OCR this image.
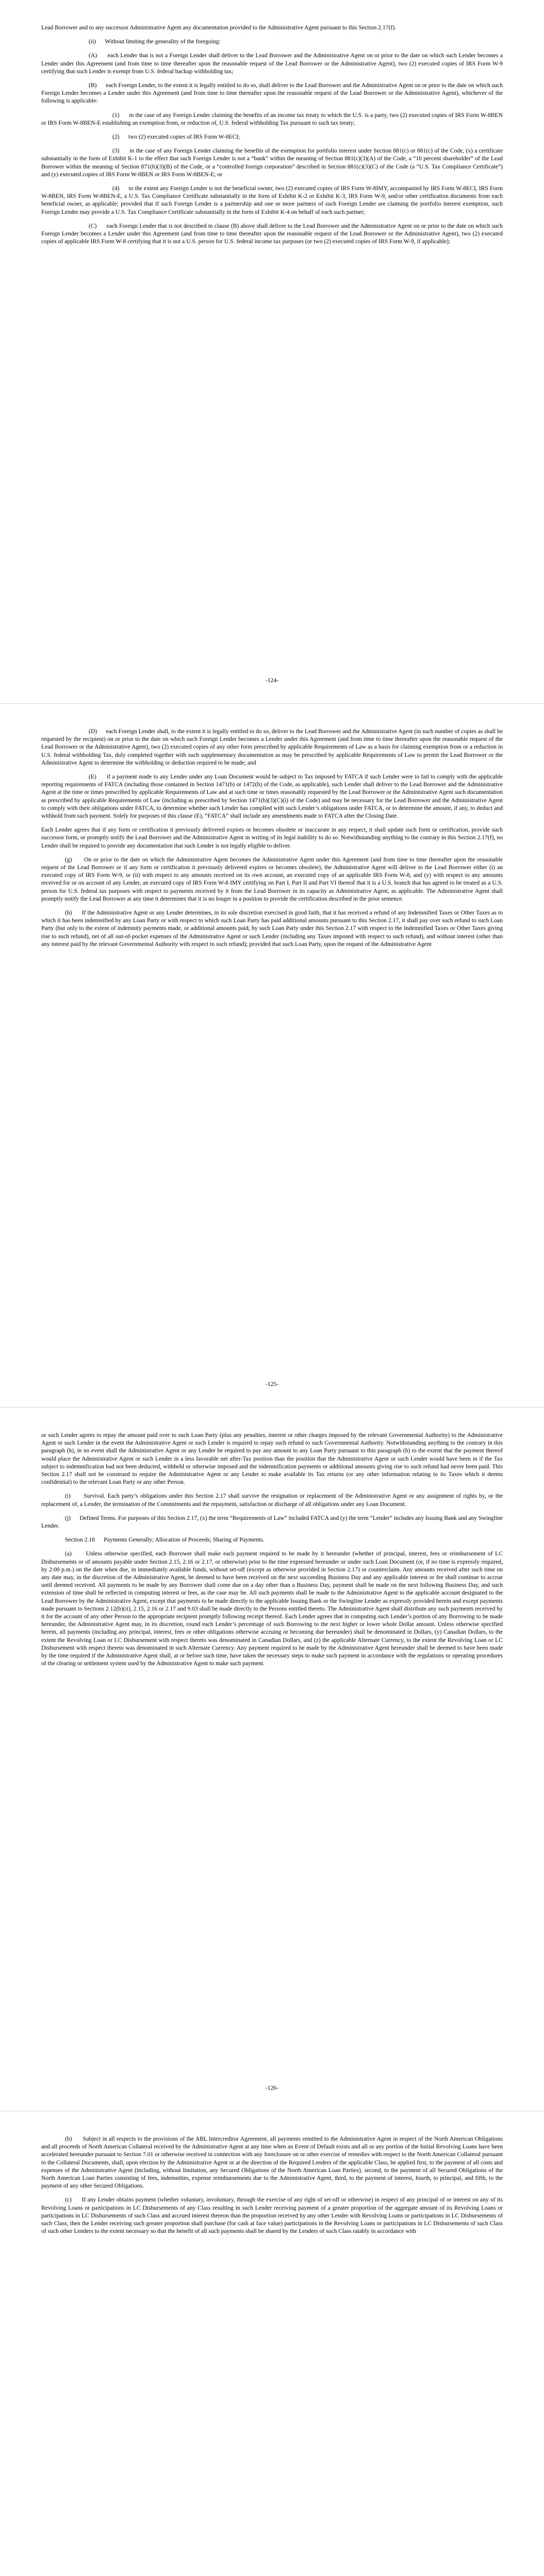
Lead Borrower and to any successor Administrative Agent any documentation provided to the Administrative Agent pursuant to this Section 2.17(f).

(ii)      Without limiting the generality of the foregoing:

(A)      each Lender that is not a Foreign Lender shall deliver to the Lead Borrower and the Administrative Agent on or prior to the date on which such Lender becomes a Lender under this Agreement (and from time to time thereafter upon the reasonable request of the Lead Borrower or the Administrative Agent), two (2) executed copies of IRS Form W-9 certifying that such Lender is exempt from U.S. federal backup withholding tax;

(B)      each Foreign Lender, to the extent it is legally entitled to do so, shall deliver to the Lead Borrower and the Administrative Agent on or prior to the date on which such Foreign Lender becomes a Lender under this Agreement (and from time to time thereafter upon the reasonable request of the Lead Borrower or the Administrative Agent), whichever of the following is applicable:

(1)      in the case of any Foreign Lender claiming the benefits of an income tax treaty to which the U.S. is a party, two (2) executed copies of IRS Form W-8BEN or IRS Form W-8BEN-E establishing an exemption from, or reduction of, U.S. federal withholding Tax pursuant to such tax treaty;

(2)      two (2) executed copies of IRS Form W-8ECI;

(3)      in the case of any Foreign Lender claiming the benefits of the exemption for portfolio interest under Section 881(c) or 881(c) of the Code, (x) a certificate substantially in the form of Exhibit K-1 to the effect that such Foreign Lender is not a “bank” within the meaning of Section 881(c)(3)(A) of the Code, a “10 percent shareholder” of the Lead Borrower within the meaning of Section 871(h)(3)(B) of the Code, or a “controlled foreign corporation” described in Section 881(c)(3)(C) of the Code (a “U.S. Tax Compliance Certificate”) and (y) executed copies of IRS Form W-8BEN or IRS Form W-8BEN-E; or

(4)      to the extent any Foreign Lender is not the beneficial owner, two (2) executed copies of IRS Form W-8IMY, accompanied by IRS Form W-8ECI, IRS Form W-8BEN, IRS Form W-8BEN-E, a U.S. Tax Compliance Certificate substantially in the form of Exhibit K-2 or Exhibit K-3, IRS Form W-9, and/or other certification documents from each beneficial owner, as applicable; provided that if such Foreign Lender is a partnership and one or more partners of such Foreign Lender are claiming the portfolio interest exemption, such Foreign Lender may provide a U.S. Tax Compliance Certificate substantially in the form of Exhibit K-4 on behalf of each such partner;

(C)      each Foreign Lender that is not described in clause (B) above shall deliver to the Lead Borrower and the Administrative Agent on or prior to the date on which such Foreign Lender becomes a Lender under this Agreement (and from time to time thereafter upon the reasonable request of the Lead Borrower or the Administrative Agent), two (2) executed copies of applicable IRS Form W-8 certifying that it is not a U.S. person for U.S. federal income tax purposes (or two (2) executed copies of IRS Form W-9, if applicable);

-124-

(D)      each Foreign Lender shall, to the extent it is legally entitled to do so, deliver to the Lead Borrower and the Administrative Agent (in such number of copies as shall be requested by the recipient) on or prior to the date on which such Foreign Lender becomes a Lender under this Agreement (and from time to time thereafter upon the reasonable request of the Lead Borrower or the Administrative Agent), two (2) executed copies of any other form prescribed by applicable Requirements of Law as a basis for claiming exemption from or a reduction in U.S. federal withholding Tax, duly completed together with such supplementary documentation as may be prescribed by applicable Requirements of Law to permit the Lead Borrower or the Administrative Agent to determine the withholding or deduction required to be made; and

(E)      if a payment made to any Lender under any Loan Document would be subject to Tax imposed by FATCA if such Lender were to fail to comply with the applicable reporting requirements of FATCA (including those contained in Section 1471(b) or 1472(b) of the Code, as applicable), such Lender shall deliver to the Lead Borrower and the Administrative Agent at the time or times prescribed by applicable Requirements of Law and at such time or times reasonably requested by the Lead Borrower or the Administrative Agent such documentation as prescribed by applicable Requirements of Law (including as prescribed by Section 1471(b)(3)(C)(i) of the Code) and may be necessary for the Lead Borrower and the Administrative Agent to comply with their obligations under FATCA, to determine whether such Lender has complied with such Lender’s obligations under FATCA, or to determine the amount, if any, to deduct and withhold from such payment. Solely for purposes of this clause (E), “FATCA” shall include any amendments made to FATCA after the Closing Date.

Each Lender agrees that if any form or certification it previously delivered expires or becomes obsolete or inaccurate in any respect, it shall update such form or certification, provide such successor form, or promptly notify the Lead Borrower and the Administrative Agent in writing of its legal inability to do so. Notwithstanding anything to the contrary in this Section 2.17(f), no Lender shall be required to provide any documentation that such Lender is not legally eligible to deliver.

(g)      On or prior to the date on which the Administrative Agent becomes the Administrative Agent under this Agreement (and from time to time thereafter upon the reasonable request of the Lead Borrower or if any form or certification it previously delivered expires or becomes obsolete), the Administrative Agent will deliver to the Lead Borrower either (i) an executed copy of IRS Form W-9, or (ii) with respect to any amounts received on its own account, an executed copy of an applicable IRS Form W-8, and (y) with respect to any amounts received for or on account of any Lender, an executed copy of IRS Form W-8 IMY certifying on Part I, Part II and Part VI thereof that it is a U.S. branch that has agreed to be treated as a U.S. person for U.S. federal tax purposes with respect to payments received by it from the Lead Borrower in its capacity as Administrative Agent, as applicable. The Administrative Agent shall promptly notify the Lead Borrower at any time it determines that it is no longer in a position to provide the certification described in the prior sentence.

(h)      If the Administrative Agent or any Lender determines, in its sole discretion exercised in good faith, that it has received a refund of any Indemnified Taxes or Other Taxes as to which it has been indemnified by any Loan Party or with respect to which such Loan Party has paid additional amounts pursuant to this Section 2.17, it shall pay over such refund to such Loan Party (but only to the extent of indemnity payments made, or additional amounts paid, by such Loan Party under this Section 2.17 with respect to the Indemnified Taxes or Other Taxes giving rise to such refund), net of all out-of-pocket expenses of the Administrative Agent or such Lender (including any Taxes imposed with respect to such refund), and without interest (other than any interest paid by the relevant Governmental Authority with respect to such refund); provided that such Loan Party, upon the request of the Administrative Agent

-125-

or such Lender agrees to repay the amount paid over to such Loan Party (plus any penalties, interest or other charges imposed by the relevant Governmental Authority) to the Administrative Agent or such Lender in the event the Administrative Agent or such Lender is required to repay such refund to such Governmental Authority. Notwithstanding anything to the contrary in this paragraph (h), in no event shall the Administrative Agent or any Lender be required to pay any amount to any Loan Party pursuant to this paragraph (h) to the extent that the payment thereof would place the Administrative Agent or such Lender in a less favorable net after-Tax position than the position that the Administrative Agent or such Lender would have been in if the Tax subject to indemnification had not been deducted, withheld or otherwise imposed and the indemnification payments or additional amounts giving rise to such refund had never been paid. This Section 2.17 shall not be construed to require the Administrative Agent or any Lender to make available its Tax returns (or any other information relating to its Taxes which it deems confidential) to the relevant Loan Party or any other Person.

(i)      Survival. Each party’s obligations under this Section 2.17 shall survive the resignation or replacement of the Administrative Agent or any assignment of rights by, or the replacement of, a Lender, the termination of the Commitments and the repayment, satisfaction or discharge of all obligations under any Loan Document.

(j)      Defined Terms. For purposes of this Section 2.17, (x) the term “Requirements of Law” included FATCA and (y) the term “Lender” includes any Issuing Bank and any Swingline Lender.

Section 2.18      Payments Generally; Allocation of Proceeds; Sharing of Payments.

(a)      Unless otherwise specified, each Borrower shall make each payment required to be made by it hereunder (whether of principal, interest, fees or reimbursement of LC Disbursements or of amounts payable under Section 2.15, 2.16 or 2.17, or otherwise) prior to the time expressed hereunder or under such Loan Document (or, if no time is expressly required, by 2:00 p.m.) on the date when due, in immediately available funds, without set-off (except as otherwise provided in Section 2.17) or counterclaim. Any amounts received after such time on any date may, in the discretion of the Administrative Agent, be deemed to have been received on the next succeeding Business Day and any applicable interest or fee shall continue to accrue until deemed received. All payments to be made by any Borrower shall come due on a day other than a Business Day, payment shall be made on the next following Business Day, and such extension of time shall be reflected in computing interest or fees, as the case may be. All such payments shall be made to the Administrative Agent to the applicable account designated to the Lead Borrower by the Administrative Agent, except that payments to be made directly to the applicable Issuing Bank or the Swingline Lender as expressly provided herein and except payments made pursuant to Sections 2.12(b)(ii), 2.15, 2.16 or 2.17 and 9.03 shall be made directly to the Persons entitled thereto. The Administrative Agent shall distribute any such payments received by it for the account of any other Person to the appropriate recipient promptly following receipt thereof. Each Lender agrees that in computing such Lender’s portion of any Borrowing to be made hereunder, the Administrative Agent may, in its discretion, round each Lender’s percentage of such Borrowing to the next higher or lower whole Dollar amount. Unless otherwise specified herein, all payments (including any principal, interest, fees or other obligations otherwise accruing or becoming due hereunder) shall be denominated in Dollars, (y) Canadian Dollars, to the extent the Revolving Loan or LC Disbursement with respect thereto was denominated in Canadian Dollars, and (z) the applicable Alternate Currency, to the extent the Revolving Loan or LC Disbursement with respect thereto was denominated in such Alternate Currency. Any payment required to be made by the Administrative Agent hereunder shall be deemed to have been made by the time required if the Administrative Agent shall, at or before such time, have taken the necessary steps to make such payment in accordance with the regulations or operating procedures of the clearing or settlement system used by the Administrative Agent to make such payment.

-126-

(b)      Subject in all respects to the provisions of the ABL Intercreditor Agreement, all payments remitted to the Administrative Agent in respect of the North American Obligations and all proceeds of North American Collateral received by the Administrative Agent at any time when an Event of Default exists and all or any portion of the Initial Revolving Loans have been accelerated hereunder pursuant to Section 7.01 or otherwise received in connection with any foreclosure on or other exercise of remedies with respect to the North American Collateral pursuant to the Collateral Documents, shall, upon election by the Administrative Agent or at the direction of the Required Lenders of the applicable Class, be applied first, to the payment of all costs and expenses of the Administrative Agent (including, without limitation, any Secured Obligations of the North American Loan Parties), second, to the payment of all Secured Obligations of the North American Loan Parties consisting of fees, indemnities, expense reimbursements due to the Administrative Agent, third, to the payment of interest, fourth, to principal, and fifth, to the payment of any other Secured Obligations.

(c)      If any Lender obtains payment (whether voluntary, involuntary, through the exercise of any right of set-off or otherwise) in respect of any principal of or interest on any of its Revolving Loans or participations in LC Disbursements of any Class resulting in such Lender receiving payment of a greater proportion of the aggregate amount of its Revolving Loans or participations in LC Disbursements of such Class and accrued interest thereon than the proportion received by any other Lender with Revolving Loans or participations in LC Disbursements of such Class, then the Lender receiving such greater proportion shall purchase (for cash at face value) participations in the Revolving Loans or participations in LC Disbursements of such Class of such other Lenders to the extent necessary so that the benefit of all such payments shall be shared by the Lenders of such Class ratably in accordance with
